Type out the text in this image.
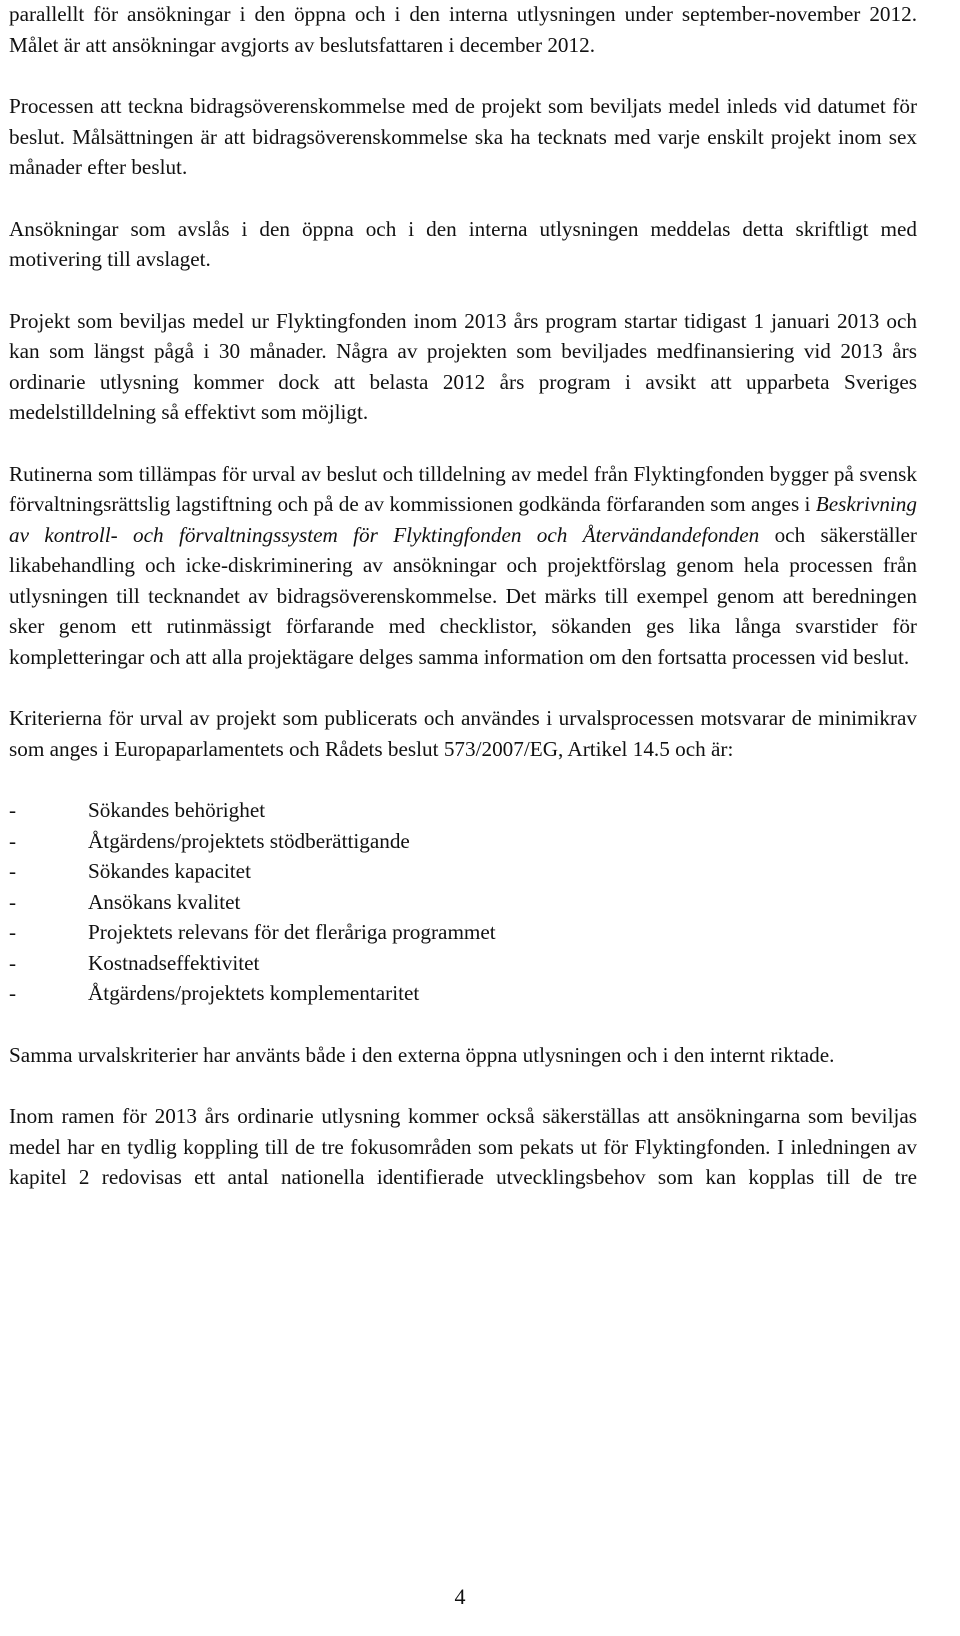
parallellt för ansökningar i den öppna och i den interna utlysningen under september-november 2012. Målet är att ansökningar avgjorts av beslutsfattaren i december 2012.

Processen att teckna bidragsöverenskommelse med de projekt som beviljats medel inleds vid datumet för beslut. Målsättningen är att bidragsöverenskommelse ska ha tecknats med varje enskilt projekt inom sex månader efter beslut.

Ansökningar som avslås i den öppna och i den interna utlysningen meddelas detta skriftligt med motivering till avslaget.

Projekt som beviljas medel ur Flyktingfonden inom 2013 års program startar tidigast 1 januari 2013 och kan som längst pågå i 30 månader. Några av projekten som beviljades medfinansiering vid 2013 års ordinarie utlysning kommer dock att belasta 2012 års program i avsikt att upparbeta Sveriges medelstilldelning så effektivt som möjligt.

Rutinerna som tillämpas för urval av beslut och tilldelning av medel från Flyktingfonden bygger på svensk förvaltningsrättslig lagstiftning och på de av kommissionen godkända förfaranden som anges i Beskrivning av kontroll- och förvaltningssystem för Flyktingfonden och Återvändandefonden och säkerställer likabehandling och icke-diskriminering av ansökningar och projektförslag genom hela processen från utlysningen till tecknandet av bidragsöverenskommelse. Det märks till exempel genom att beredningen sker genom ett rutinmässigt förfarande med checklistor, sökanden ges lika långa svarstider för kompletteringar och att alla projektägare delges samma information om den fortsatta processen vid beslut.

Kriterierna för urval av projekt som publicerats och användes i urvalsprocessen motsvarar de minimikrav som anges i Europaparlamentets och Rådets beslut 573/2007/EG, Artikel 14.5 och är:

-	Sökandes behörighet
-	Åtgärdens/projektets stödberättigande
-	Sökandes kapacitet
-	Ansökans kvalitet
-	Projektets relevans för det fleråriga programmet
-	Kostnadseffektivitet
-	Åtgärdens/projektets komplementaritet

Samma urvalskriterier har använts både i den externa öppna utlysningen och i den internt riktade.

Inom ramen för 2013 års ordinarie utlysning kommer också säkerställas att ansökningarna som beviljas medel har en tydlig koppling till de tre fokusområden som pekats ut för Flyktingfonden. I inledningen av kapitel 2 redovisas ett antal nationella identifierade utvecklingsbehov som kan kopplas till de tre

4
